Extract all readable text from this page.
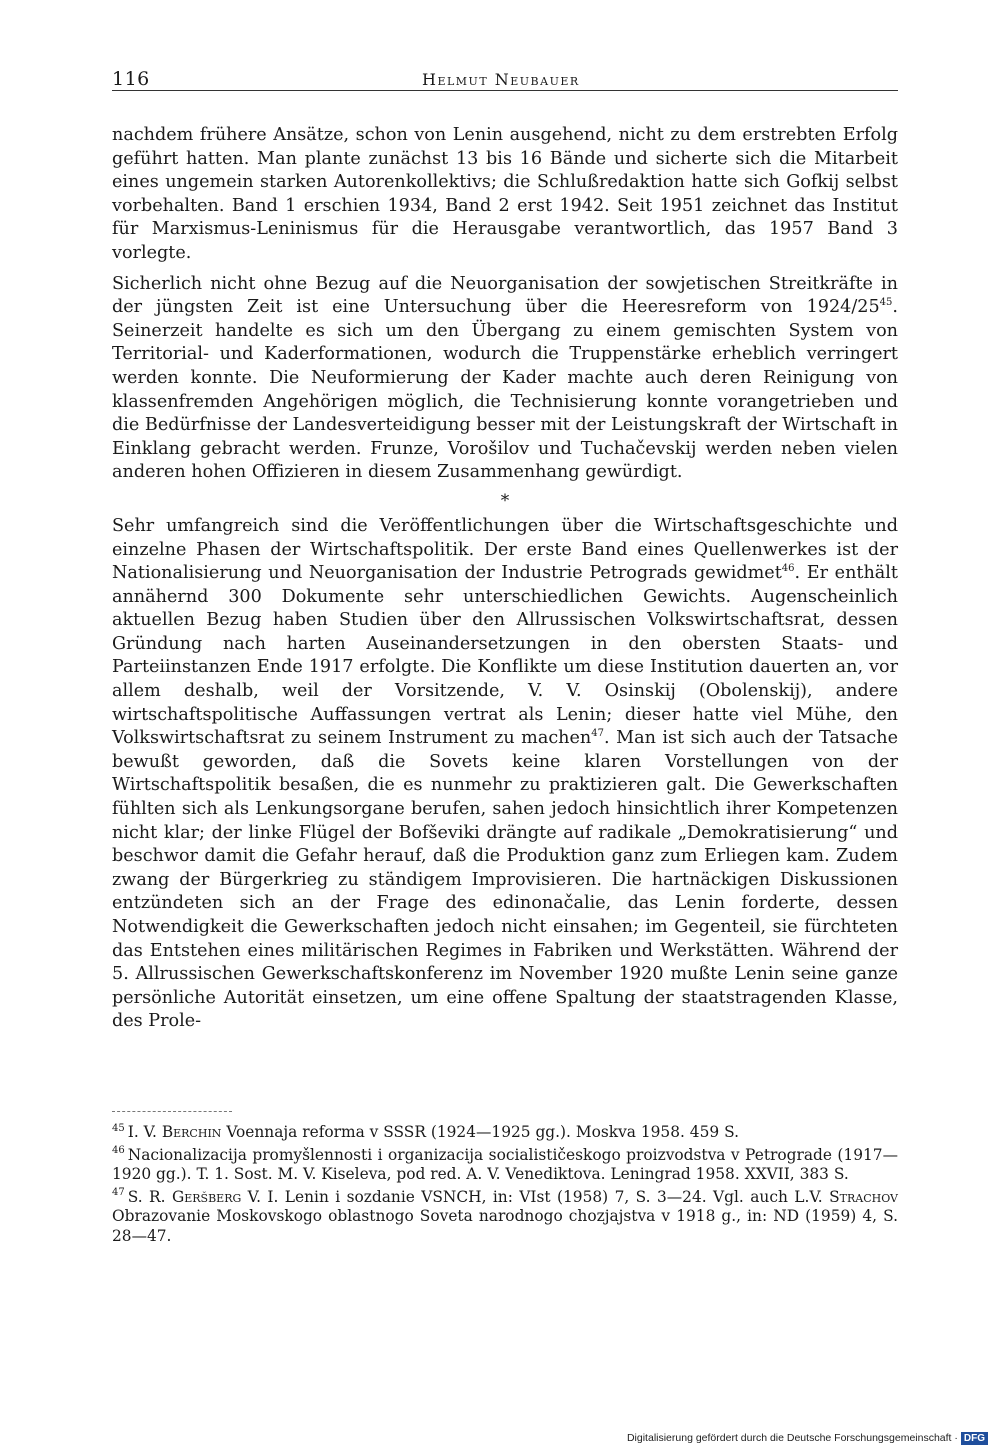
116	Helmut Neubauer

nachdem frühere Ansätze, schon von Lenin ausgehend, nicht zu dem erstrebten Erfolg geführt hatten. Man plante zunächst 13 bis 16 Bände und sicherte sich die Mitarbeit eines ungemein starken Autorenkollektivs; die Schlußredaktion hatte sich Gofkij selbst vorbehalten. Band 1 erschien 1934, Band 2 erst 1942. Seit 1951 zeichnet das Institut für Marxismus-Leninismus für die Herausgabe verantwortlich, das 1957 Band 3 vorlegte.

Sicherlich nicht ohne Bezug auf die Neuorganisation der sowjetischen Streitkräfte in der jüngsten Zeit ist eine Untersuchung über die Heeresreform von 1924/25$^{45}$. Seinerzeit handelte es sich um den Übergang zu einem gemischten System von Territorial- und Kaderformationen, wodurch die Truppenstärke erheblich verringert werden konnte. Die Neuformierung der Kader machte auch deren Reinigung von klassenfremden Angehörigen möglich, die Technisierung konnte vorangetrieben und die Bedürfnisse der Landesverteidigung besser mit der Leistungskraft der Wirtschaft in Einklang gebracht werden. Frunze, Vorošilov und Tuchačevskij werden neben vielen anderen hohen Offizieren in diesem Zusammenhang gewürdigt.

*

Sehr umfangreich sind die Veröffentlichungen über die Wirtschaftsgeschichte und einzelne Phasen der Wirtschaftspolitik. Der erste Band eines Quellenwerkes ist der Nationalisierung und Neuorganisation der Industrie Petrograds gewidmet$^{46}$. Er enthält annähernd 300 Dokumente sehr unterschiedlichen Gewichts. Augenscheinlich aktuellen Bezug haben Studien über den Allrussischen Volkswirtschaftsrat, dessen Gründung nach harten Auseinandersetzungen in den obersten Staats- und Parteiinstanzen Ende 1917 erfolgte. Die Konflikte um diese Institution dauerten an, vor allem deshalb, weil der Vorsitzende, V. V. Osinskij (Obolenskij), andere wirtschaftspolitische Auffassungen vertrat als Lenin; dieser hatte viel Mühe, den Volkswirtschaftsrat zu seinem Instrument zu machen$^{47}$. Man ist sich auch der Tatsache bewußt geworden, daß die Sovets keine klaren Vorstellungen von der Wirtschaftspolitik besaßen, die es nunmehr zu praktizieren galt. Die Gewerkschaften fühlten sich als Lenkungsorgane berufen, sahen jedoch hinsichtlich ihrer Kompetenzen nicht klar; der linke Flügel der Bofševiki drängte auf radikale „Demokratisierung“ und beschwor damit die Gefahr herauf, daß die Produktion ganz zum Erliegen kam. Zudem zwang der Bürgerkrieg zu ständigem Improvisieren. Die hartnäckigen Diskussionen entzündeten sich an der Frage des edinonačalie, das Lenin forderte, dessen Notwendigkeit die Gewerkschaften jedoch nicht einsahen; im Gegenteil, sie fürchteten das Entstehen eines militärischen Regimes in Fabriken und Werkstätten. Während der 5. Allrussischen Gewerkschaftskonferenz im November 1920 mußte Lenin seine ganze persönliche Autorität einsetzen, um eine offene Spaltung der staatstragenden Klasse, des Prole-

$^{45}$ I. V. Berchin Voennaja reforma v SSSR (1924—1925 gg.). Moskva 1958. 459 S.

$^{46}$ Nacionalizacija promyšlennosti i organizacija socialističeskogo proizvodstva v Petrograde (1917—1920 gg.). T. 1. Sost. M. V. Kiseleva, pod red. A. V. Venediktova. Leningrad 1958. XXVII, 383 S.

$^{47}$ S. R. Geršberg V. I. Lenin i sozdanie VSNCH, in: VIst (1958) 7, S. 3—24. Vgl. auch L.V. Strachov Obrazovanie Moskovskogo oblastnogo Soveta narodnogo chozjajstva v 1918 g., in: ND (1959) 4, S. 28—47.

Digitalisierung gefördert durch die Deutsche Forschungsgemeinschaft · DFG
